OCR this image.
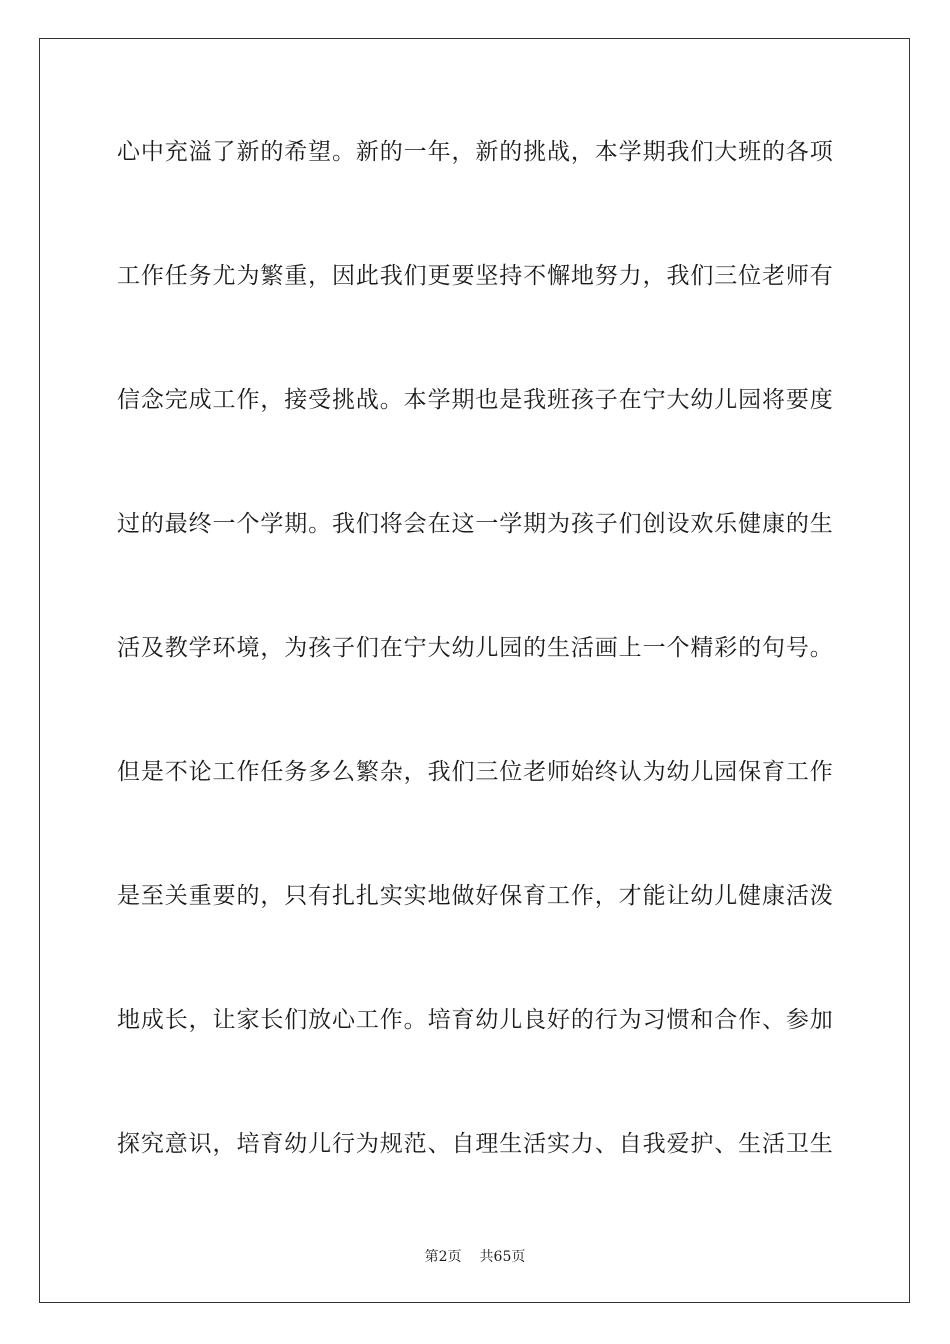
心中充溢了新的希望。新的一年，新的挑战，本学期我们大班的各项
工作任务尤为繁重，因此我们更要坚持不懈地努力，我们三位老师有
信念完成工作，接受挑战。本学期也是我班孩子在宁大幼儿园将要度
过的最终一个学期。我们将会在这一学期为孩子们创设欢乐健康的生
活及教学环境，为孩子们在宁大幼儿园的生活画上一个精彩的句号。
但是不论工作任务多么繁杂，我们三位老师始终认为幼儿园保育工作
是至关重要的，只有扎扎实实地做好保育工作，才能让幼儿健康活泼
地成长，让家长们放心工作。培育幼儿良好的行为习惯和合作、参加
探究意识，培育幼儿行为规范、自理生活实力、自我爱护、生活卫生
第2页 共65页
